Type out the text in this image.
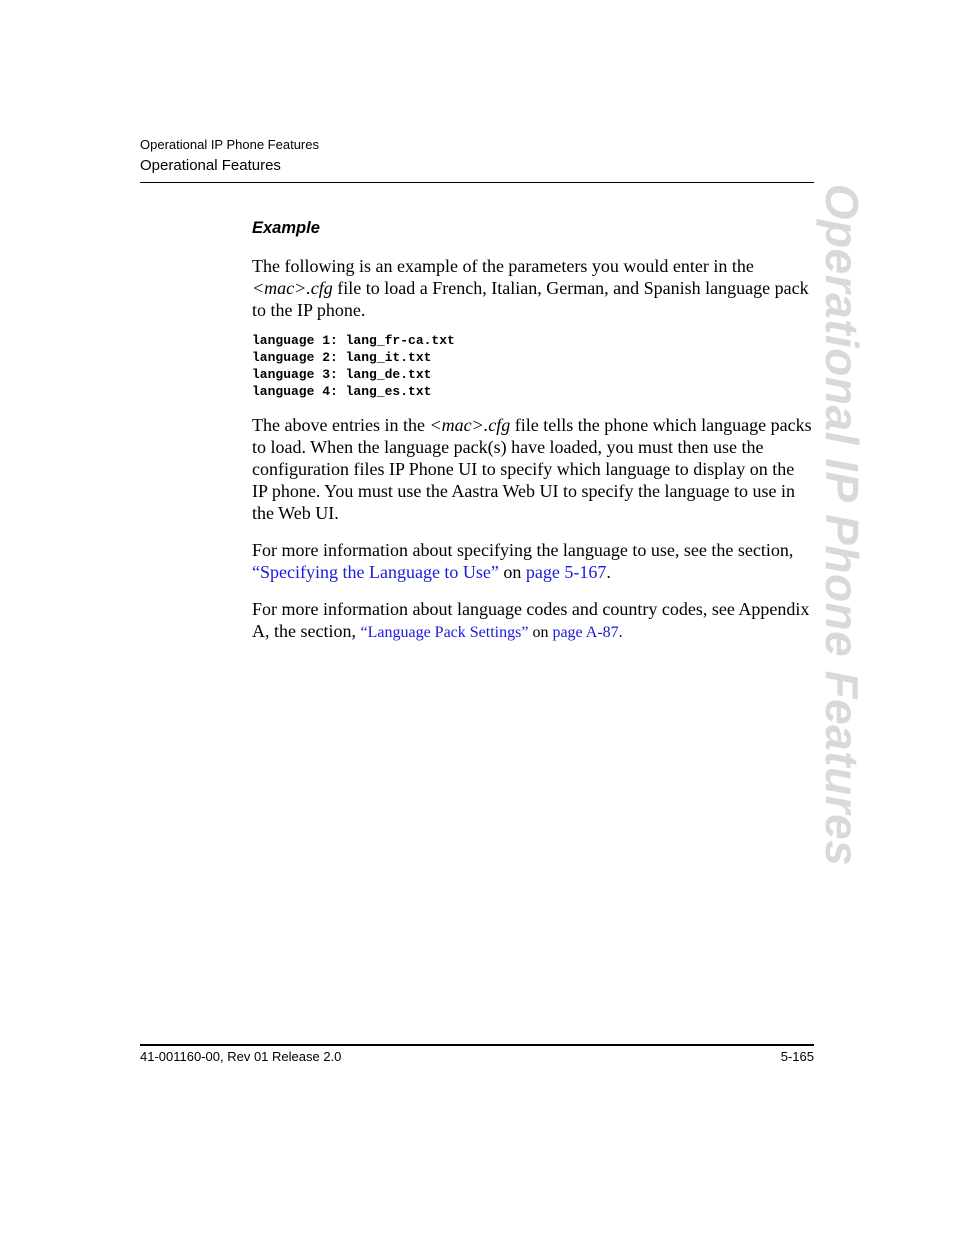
Operational IP Phone Features
Operational Features
Example
The following is an example of the parameters you would enter in the <mac>.cfg file to load a French, Italian, German, and Spanish language pack to the IP phone.
language 1: lang_fr-ca.txt
language 2: lang_it.txt
language 3: lang_de.txt
language 4: lang_es.txt
The above entries in the <mac>.cfg file tells the phone which language packs to load. When the language pack(s) have loaded, you must then use the configuration files IP Phone UI to specify which language to display on the IP phone. You must use the Aastra Web UI to specify the language to use in the Web UI.
For more information about specifying the language to use, see the section, “Specifying the Language to Use” on page 5-167.
For more information about language codes and country codes, see Appendix A, the section, “Language Pack Settings” on page A-87.	Operational IP Phone Features
41-001160-00, Rev 01 Release 2.0	5-165
